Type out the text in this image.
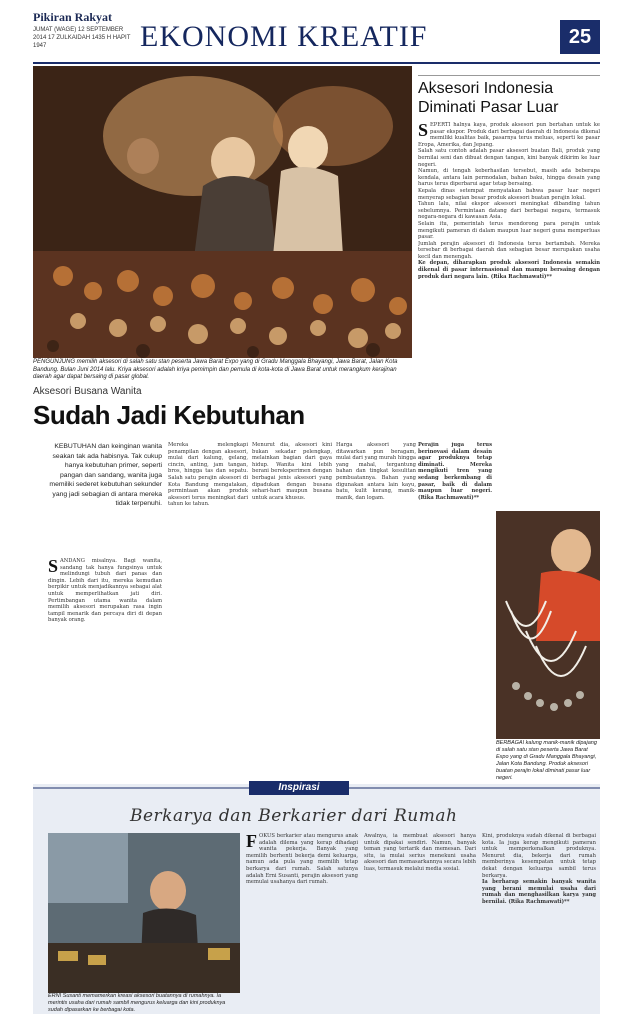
Pikiran Rakyat
JUMAT (WAGE) 12 SEPTEMBER 2014 17 ZULKAIDAH 1435 H HAPIT 1947	EKONOMI KREATIF	25
PENGUNJUNG memilih aksesori di salah satu stan peserta Jawa Barat Expo yang di Gradu Manggala Bhayangi, Jawa Barat, Jalan Kota Bandung. Bulan Juni 2014 lalu. Kriya aksesori adalah kriya pemimpin dan pemula di kota-kota di Jawa Barat untuk merangkum kerajinan daerah agar dapat bersaing di pasar global.
Aksesori Indonesia Diminati Pasar Luar
S EPERTI halnya kaya, produk aksesori pun bertahan untuk ke pasar ekspor. Produk dari berbagai daerah di Indonesia dikenal memiliki kualitas baik, pasarnya terus meluas, seperti ke pasar Eropa, Amerika, dan Jepang.

Salah satu contoh adalah pasar aksesori buatan Bali, produk yang bernilai seni dan dibuat dengan tangan, kini banyak dikirim ke luar negeri.

Namun, di tengah keberhasilan tersebut, masih ada beberapa kendala, antara lain permodalan, bahan baku, hingga desain yang harus terus diperbarui agar tetap bersaing.

Kepala dinas setempat menyatakan bahwa pasar luar negeri menyerap sebagian besar produk aksesori buatan perajin lokal.

Tahun lalu, nilai ekspor aksesori meningkat dibanding tahun sebelumnya. Permintaan datang dari berbagai negara, termasuk negara-negara di kawasan Asia.

Selain itu, pemerintah terus mendorong para perajin untuk mengikuti pameran di dalam maupun luar negeri guna memperluas pasar.

Jumlah perajin aksesori di Indonesia terus bertambah. Mereka tersebar di berbagai daerah dan sebagian besar merupakan usaha kecil dan menengah.

Ke depan, diharapkan produk aksesori Indonesia semakin dikenal di pasar internasional dan mampu bersaing dengan produk dari negara lain. (Rika Rachmawati)**

Aksesori Busana Wanita
Sudah Jadi Kebutuhan
KEBUTUHAN dan keinginan wanita seakan tak ada habisnya. Tak cukup hanya kebutuhan primer, seperti pangan dan sandang, wanita juga memiliki sederet kebutuhan sekunder yang jadi sebagian di antara mereka tidak terpenuhi.
S ANDANG misalnya. Bagi wanita, sandang tak hanya fungsinya untuk melindungi tubuh dari panas dan dingin. Lebih dari itu, mereka kemudian berpikir untuk menjadikannya sebagai alat untuk memperlihatkan jati diri. Pertimbangan utama wanita dalam memilih aksesori merupakan rasa ingin tampil menarik dan percaya diri di depan banyak orang.

Mereka melengkapi penampilan dengan aksesori, mulai dari kalung, gelang, cincin, anting, jam tangan, bros, hingga tas dan sepatu. Salah satu perajin aksesori di Kota Bandung mengatakan, permintaan akan produk aksesori terus meningkat dari tahun ke tahun.

Menurut dia, aksesori kini bukan sekadar pelengkap, melainkan bagian dari gaya hidup. Wanita kini lebih berani bereksperimen dengan berbagai jenis aksesori yang dipadukan dengan busana sehari-hari maupun busana untuk acara khusus.

Harga aksesori yang ditawarkan pun beragam, mulai dari yang murah hingga yang mahal, tergantung bahan dan tingkat kesulitan pembuatannya. Bahan yang digunakan antara lain kayu, batu, kulit kerang, manik-manik, dan logam.

Perajin juga terus berinovasi dalam desain agar produknya tetap diminati. Mereka mengikuti tren yang sedang berkembang di pasar, baik di dalam maupun luar negeri. (Rika Rachmawati)**

BERBAGAI kalung manik-manik dipajang di salah satu stan peserta Jawa Barat Expo yang di Gradu Manggala Bhayangi, Jalan Kota Bandung. Produk aksesori buatan perajin lokal diminati pasar luar negeri.
Inspirasi
Berkarya dan Berkarier dari Rumah
ERNI Susanti memamerkan kreasi aksesori buatannya di rumahnya. Ia merintis usaha dari rumah sambil mengurus keluarga dan kini produknya sudah dipasarkan ke berbagai kota.
F OKUS berkarier atau mengurus anak adalah dilema yang kerap dihadapi wanita pekerja. Banyak yang memilih berhenti bekerja demi keluarga, namun ada pula yang memilih tetap berkarya dari rumah. Salah satunya adalah Erni Susanti, perajin aksesori yang memulai usahanya dari rumah.

Awalnya, ia membuat aksesori hanya untuk dipakai sendiri. Namun, banyak teman yang tertarik dan memesan. Dari situ, ia mulai serius menekuni usaha aksesori dan memasarkannya secara lebih luas, termasuk melalui media sosial.

Kini, produknya sudah dikenal di berbagai kota. Ia juga kerap mengikuti pameran untuk memperkenalkan produknya. Menurut dia, bekerja dari rumah memberinya kesempatan untuk tetap dekat dengan keluarga sambil terus berkarya.

Ia berharap semakin banyak wanita yang berani memulai usaha dari rumah dan menghasilkan karya yang bernilai. (Rika Rachmawati)**
